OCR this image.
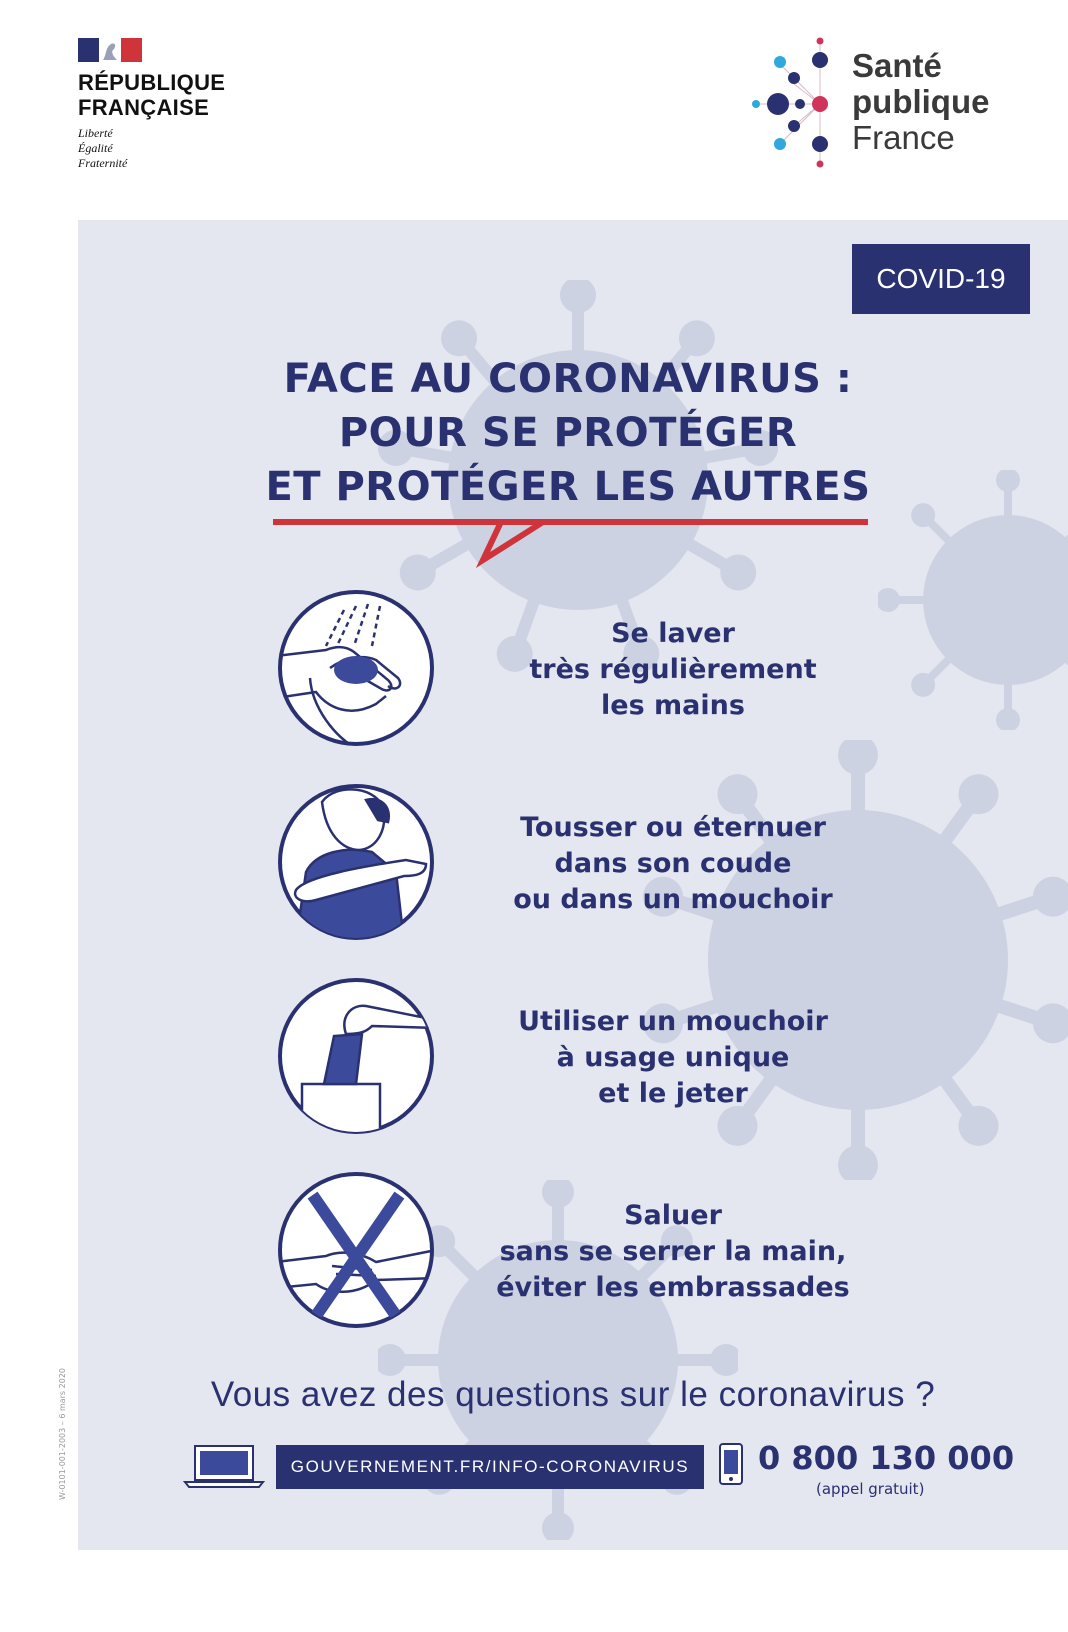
RÉPUBLIQUE
FRANÇAISE
Liberté
Égalité
Fraternité
Santé
publique
France
COVID-19
FACE AU CORONAVIRUS :
POUR SE PROTÉGER
ET PROTÉGER LES AUTRES
Se laver
très régulièrement
les mains
Tousser ou éternuer
dans son coude
ou dans un mouchoir
Utiliser un mouchoir
à usage unique
et le jeter
Saluer
sans se serrer la main,
éviter les embrassades
Vous avez des questions sur le coronavirus ?
GOUVERNEMENT.FR/INFO-CORONAVIRUS	0 800 130 000
(appel gratuit)
W-0101-001-2003 – 6 mars 2020
